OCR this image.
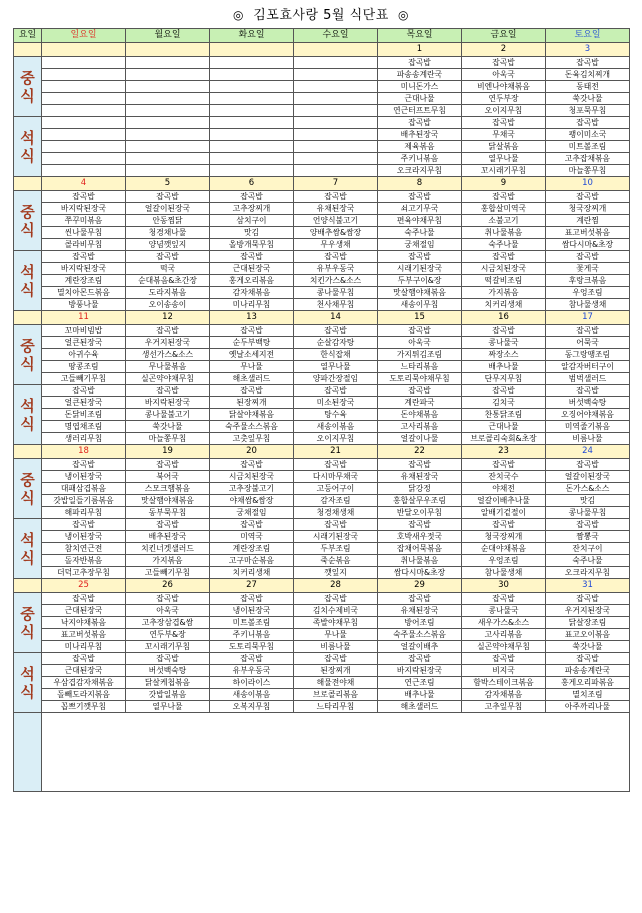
◎ 김포효사랑 5월 식단표 ◎
요일	일요일	월요일	화요일	수요일	목요일	금요일	토요일
					1	2	3

중
식					잡곡밥	잡곡밥	잡곡밥
					파송송계란국	아욱국	돈육김치찌개
					미니돈가스	비엔나야채볶음	동태전
					근대나물	연두부장	쑥갓나물
					연근터프트무침	오이지무침	청포묵무침

석
식					잡곡밥	잡곡밥	잡곡밥
					배추된장국	무채국	팽이미소국
					제육볶음	닭살볶음	미트볼조림
					주키니볶음	열무나물	고추잡채볶음
					오크라지무침	꼬시래기무침	마늘쫑무침
	4	5	6	7	8	9	10

중
식	잡곡밥	잡곡밥	잡곡밥	잡곡밥	잡곡밥	잡곡밥	잡곡밥
	바지락된장국	얼갈이된장국	고추장찌개	유채된장국	쇠고기무국	홍합살미역국	청국장찌개
	쭈꾸미볶음	안동찜닭	삼치구이	언양식불고기	편육야채무침	소불고기	계란찜
	씬나물무침	청경채나물	맛김	양배추쌈&쌈장	숙주나물	취나물볶음	표고버섯볶음
	콜라비무침	양념깻잎지	올방개묵무침	무우생채	궁채절임	숙주나물	쌈다시마&초장

석
식	잡곡밥	잡곡밥	잡곡밥	잡곡밥	잡곡밥	잡곡밥	잡곡밥
	바지락된장국	떡국	근대된장국	유부우동국	시래기된장국	시금치된장국	꽃게국
	계란장조림	순대볶음&초간장	홍게오리볶음	치킨가스&소스	두부구이&장	떡갈비조림	후랑크볶음
	멸치아몬드볶음	도라지볶음	감자채볶음	콩나물무침	맛살햄야채볶음	가지볶음	우엉조림
	방풍나물	오이송송이	미나리무침	천사채무침	새송이무침	치커리생채	참나물생채
	11	12	13	14	15	16	17

중
식	꼬마비빔밥	잡곡밥	잡곡밥	잡곡밥	잡곡밥	잡곡밥	잡곡밥
	얼큰된장국	우거지된장국	순두부백탕	순살감자탕	아욱국	콩나물국	어묵국
	아귀수육	생선가스&소스	옛날소세지전	한식잡채	가지튀김조림	짜장소스	동그랑땡조림
	땅콩조림	무나물볶음	무나물	열무나물	느타리볶음	배추나물	알감자버터구이
	고들빼기무침	실곤약야채무침	해초샐러드	양파간장절임	도토리묵야채무침	단무지무침	범벅샐러드

석
식	잡곡밥	잡곡밥	잡곡밥	잡곡밥	잡곡밥	잡곡밥	잡곡밥
	얼큰된장국	바지락된장국	된장찌개	미소된장국	계란파국	김치국	버섯백숙탕
	돈닭비조림	콩나물불고기	닭살야채볶음	탕수육	돈야채볶음	찬통닭조림	오징어야채볶음
	명엽채조림	쑥갓나물	숙주물소스볶음	새송이볶음	고사리볶음	근대나물	미역줄기볶음
	생러리무침	마늘쫑무침	고춧잎무침	오이지무침	얼갈이나물	브로콜리숙회&초장	비름나물
	18	19	20	21	22	23	24

중
식	잡곡밥	잡곡밥	잡곡밥	잡곡밥	잡곡밥	잡곡밥	잡곡밥
	냉이된장국	북어국	시금치된장국	다시마무채국	유채된장국	잔치국수	얼갈이된장국
	대패삼겹볶음	스모크햄볶음	고추장불고기	고등어구이	닭강정	야채전	돈가스&소스
	갓밥일들기름볶음	맛살햄야채볶음	야채쌈&쌈장	감자조림	홍합살무우조림	얼갈이배추나물	맛김
	해파리무침	동부묵무침	궁채절임	청경채생채	반달오이무침	알배기겉절이	콩나물무침

석
식	잡곡밥	잡곡밥	잡곡밥	잡곡밥	잡곡밥	잡곡밥	잡곡밥
	냉이된장국	배추된장국	미역국	시래기된장국	호박새우젓국	청국장찌개	짬뽕국
	참치연근전	치킨너겟샐러드	계란장조림	두부조림	잡채어묵볶음	순대야채볶음	잔치구이
	돌자반볶음	가지볶음	고구마순볶음	죽순볶음	취나물볶음	우엉조림	숙주나물
	더덕고추장무침	고들빼기무침	치커리생채	깻잎지	쌈다시마&초장	참나물생채	오크라지무침
	25	26	27	28	29	30	31

중
식	잡곡밥	잡곡밥	잡곡밥	잡곡밥	잡곡밥	잡곡밥	잡곡밥
	근대된장국	아욱국	냉이된장국	김치수제비국	유채된장국	콩나물국	우거지된장국
	낙지야채볶음	고추장삼겹&쌈	미트볼조림	족발야채무침	방어조림	새우가스&소스	닭살장조림
	표고버섯볶음	연두부&장	주키니볶음	무나물	숙주물소스볶음	고사리볶음	표고오이볶음
	미나리무침	꼬시래기무침	도토리묵무침	비름나물	얼갈이배추	실곤약야채무침	쑥갓나물

석
식	잡곡밥	잡곡밥	잡곡밥	잡곡밥	잡곡밥	잡곡밥	잡곡밥
	근대된장국	버섯백숙탕	유부우동국	된장찌개	바지락된장국	비지국	파송송계란국
	우삼겹감자채볶음	닭살케첩볶음	하이라이스	해물전야채	연근조림	함박스테이크볶음	홍게오리파볶음
	돌빼도라지볶음	갓밥일볶음	새송이볶음	브로콜리볶음	배추나물	감자채볶음	멸치조림
	꼽쁘기깻무침	열무나물	오복지무침	느타리무침	해초샐러드	고추잎무침	아주까리나물
